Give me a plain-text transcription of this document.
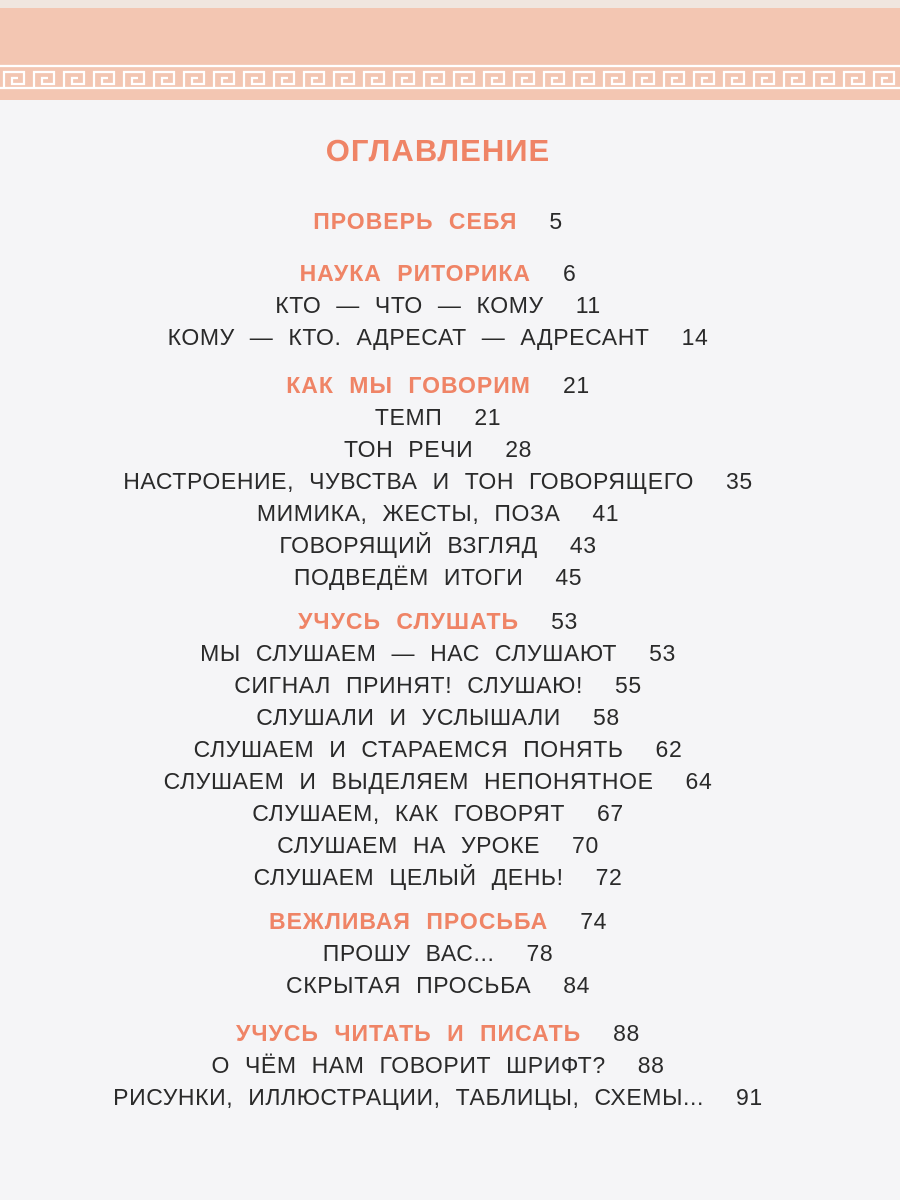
ОГЛАВЛЕНИЕ
ПРОВЕРЬ СЕБЯ 5
НАУКА РИТОРИКА 6
КТО — ЧТО — КОМУ 11
КОМУ — КТО. АДРЕСАТ — АДРЕСАНТ 14
КАК МЫ ГОВОРИМ 21
ТЕМП 21
ТОН РЕЧИ 28
НАСТРОЕНИЕ, ЧУВСТВА И ТОН ГОВОРЯЩЕГО 35
МИМИКА, ЖЕСТЫ, ПОЗА 41
ГОВОРЯЩИЙ ВЗГЛЯД 43
ПОДВЕДЁМ ИТОГИ 45
УЧУСЬ СЛУШАТЬ 53
МЫ СЛУШАЕМ — НАС СЛУШАЮТ 53
СИГНАЛ ПРИНЯТ! СЛУШАЮ! 55
СЛУШАЛИ И УСЛЫШАЛИ 58
СЛУШАЕМ И СТАРАЕМСЯ ПОНЯТЬ 62
СЛУШАЕМ И ВЫДЕЛЯЕМ НЕПОНЯТНОЕ 64
СЛУШАЕМ, КАК ГОВОРЯТ 67
СЛУШАЕМ НА УРОКЕ 70
СЛУШАЕМ ЦЕЛЫЙ ДЕНЬ! 72
ВЕЖЛИВАЯ ПРОСЬБА 74
ПРОШУ ВАС... 78
СКРЫТАЯ ПРОСЬБА 84
УЧУСЬ ЧИТАТЬ И ПИСАТЬ 88
О ЧЁМ НАМ ГОВОРИТ ШРИФТ? 88
РИСУНКИ, ИЛЛЮСТРАЦИИ, ТАБЛИЦЫ, СХЕМЫ... 91
